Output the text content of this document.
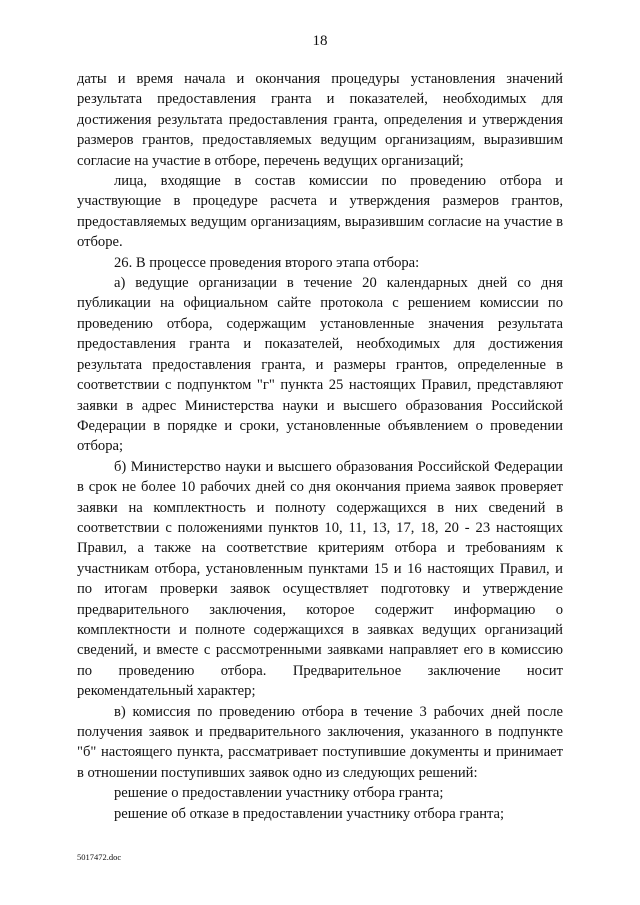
18

даты и время начала и окончания процедуры установления значений результата предоставления гранта и показателей, необходимых для достижения результата предоставления гранта, определения и утверждения размеров грантов, предоставляемых ведущим организациям, выразившим согласие на участие в отборе, перечень ведущих организаций;

лица, входящие в состав комиссии по проведению отбора и участвующие в процедуре расчета и утверждения размеров грантов, предоставляемых ведущим организациям, выразившим согласие на участие в отборе.

26. В процессе проведения второго этапа отбора:

а) ведущие организации в течение 20 календарных дней со дня публикации на официальном сайте протокола с решением комиссии по проведению отбора, содержащим установленные значения результата предоставления гранта и показателей, необходимых для достижения результата предоставления гранта, и размеры грантов, определенные в соответствии с подпунктом "г" пункта 25 настоящих Правил, представляют заявки в адрес Министерства науки и высшего образования Российской Федерации в порядке и сроки, установленные объявлением о проведении отбора;

б) Министерство науки и высшего образования Российской Федерации в срок не более 10 рабочих дней со дня окончания приема заявок проверяет заявки на комплектность и полноту содержащихся в них сведений в соответствии с положениями пунктов 10, 11, 13, 17, 18, 20 - 23 настоящих Правил, а также на соответствие критериям отбора и требованиям к участникам отбора, установленным пунктами 15 и 16 настоящих Правил, и по итогам проверки заявок осуществляет подготовку и утверждение предварительного заключения, которое содержит информацию о комплектности и полноте содержащихся в заявках ведущих организаций сведений, и вместе с рассмотренными заявками направляет его в комиссию по проведению отбора. Предварительное заключение носит рекомендательный характер;

в) комиссия по проведению отбора в течение 3 рабочих дней после получения заявок и предварительного заключения, указанного в подпункте "б" настоящего пункта, рассматривает поступившие документы и принимает в отношении поступивших заявок одно из следующих решений:

решение о предоставлении участнику отбора гранта;

решение об отказе в предоставлении участнику отбора гранта;

5017472.doc
